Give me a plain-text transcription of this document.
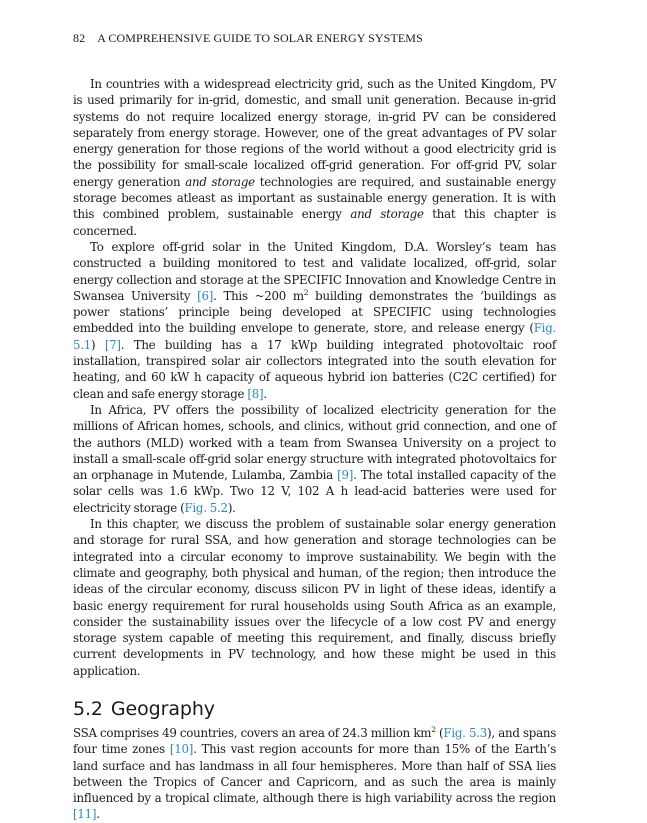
82 A COMPREHENSIVE GUIDE TO SOLAR ENERGY SYSTEMS

In countries with a widespread electricity grid, such as the United Kingdom, PV is used primarily for in-grid, domestic, and small unit generation. Because in-grid systems do not require localized energy storage, in-grid PV can be considered separately from energy storage. However, one of the great advantages of PV solar energy generation for those regions of the world without a good electricity grid is the possibility for small-scale localized off-grid generation. For off-grid PV, solar energy generation and storage technologies are required, and sustainable energy storage becomes atleast as important as sustainable energy generation. It is with this combined problem, sustainable energy and storage that this chapter is concerned.

To explore off-grid solar in the United Kingdom, D.A. Worsley’s team has constructed a building monitored to test and validate localized, off-grid, solar energy collection and storage at the SPECIFIC Innovation and Knowledge Centre in Swansea University [6]. This ~200 $m^2$ building demonstrates the ‘buildings as power stations’ principle being developed at SPECIFIC using technologies embedded into the building envelope to generate, store, and release energy (Fig. 5.1) [7]. The building has a 17 kWp building integrated photovoltaic roof installation, transpired solar air collectors integrated into the south elevation for heating, and 60 kW h capacity of aqueous hybrid ion batteries (C2C certified) for clean and safe energy storage [8].

In Africa, PV offers the possibility of localized electricity generation for the millions of African homes, schools, and clinics, without grid connection, and one of the authors (MLD) worked with a team from Swansea University on a project to install a small-scale off-grid solar energy structure with integrated photovoltaics for an orphanage in Mutende, Lulamba, Zambia [9]. The total installed capacity of the solar cells was 1.6 kWp. Two 12 V, 102 A h lead-acid batteries were used for electricity storage (Fig. 5.2).

In this chapter, we discuss the problem of sustainable solar energy generation and storage for rural SSA, and how generation and storage technologies can be integrated into a circular economy to improve sustainability. We begin with the climate and geography, both physical and human, of the region; then introduce the ideas of the circular economy, discuss silicon PV in light of these ideas, identify a basic energy requirement for rural households using South Africa as an example, consider the sustainability issues over the lifecycle of a low cost PV and energy storage system capable of meeting this requirement, and finally, discuss briefly current developments in PV technology, and how these might be used in this application.

5.2 Geography

SSA comprises 49 countries, covers an area of 24.3 million $km^2$ (Fig. 5.3), and spans four time zones [10]. This vast region accounts for more than 15% of the Earth’s land surface and has landmass in all four hemispheres. More than half of SSA lies between the Tropics of Cancer and Capricorn, and as such the area is mainly influenced by a tropical climate, although there is high variability across the region [11].
